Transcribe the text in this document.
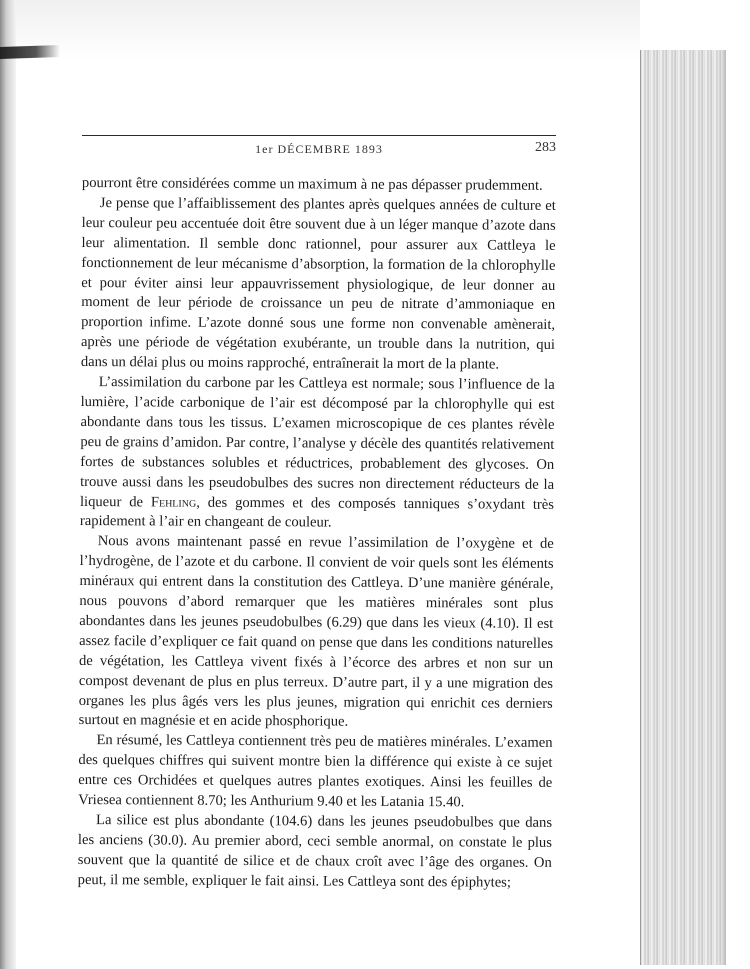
1er DÉCEMBRE 1893	283

pourront être considérées comme un maximum à ne pas dépasser prudemment.

Je pense que l’affaiblissement des plantes après quelques années de culture et leur couleur peu accentuée doit être souvent due à un léger manque d’azote dans leur alimentation. Il semble donc rationnel, pour assurer aux Cattleya le fonctionnement de leur mécanisme d’absorption, la formation de la chlorophylle et pour éviter ainsi leur appauvrissement physiologique, de leur donner au moment de leur période de croissance un peu de nitrate d’ammoniaque en proportion infime. L’azote donné sous une forme non convenable amènerait, après une période de végétation exubérante, un trouble dans la nutrition, qui dans un délai plus ou moins rapproché, entraînerait la mort de la plante.

L’assimilation du carbone par les Cattleya est normale; sous l’influence de la lumière, l’acide carbonique de l’air est décomposé par la chlorophylle qui est abondante dans tous les tissus. L’examen microscopique de ces plantes révèle peu de grains d’amidon. Par contre, l’analyse y décèle des quantités relativement fortes de substances solubles et réductrices, probablement des glycoses. On trouve aussi dans les pseudobulbes des sucres non directement réducteurs de la liqueur de Fehling, des gommes et des composés tanniques s’oxydant très rapidement à l’air en changeant de couleur.

Nous avons maintenant passé en revue l’assimilation de l’oxygène et de l’hydrogène, de l’azote et du carbone. Il convient de voir quels sont les éléments minéraux qui entrent dans la constitution des Cattleya. D’une manière générale, nous pouvons d’abord remarquer que les matières minérales sont plus abondantes dans les jeunes pseudobulbes (6.29) que dans les vieux (4.10). Il est assez facile d’expliquer ce fait quand on pense que dans les conditions naturelles de végétation, les Cattleya vivent fixés à l’écorce des arbres et non sur un compost devenant de plus en plus terreux. D’autre part, il y a une migration des organes les plus âgés vers les plus jeunes, migration qui enrichit ces derniers surtout en magnésie et en acide phosphorique.

En résumé, les Cattleya contiennent très peu de matières minérales. L’examen des quelques chiffres qui suivent montre bien la différence qui existe à ce sujet entre ces Orchidées et quelques autres plantes exotiques. Ainsi les feuilles de Vriesea contiennent 8.70; les Anthurium 9.40 et les Latania 15.40.

La silice est plus abondante (104.6) dans les jeunes pseudobulbes que dans les anciens (30.0). Au premier abord, ceci semble anormal, on constate le plus souvent que la quantité de silice et de chaux croît avec l’âge des organes. On peut, il me semble, expliquer le fait ainsi. Les Cattleya sont des épiphytes;
